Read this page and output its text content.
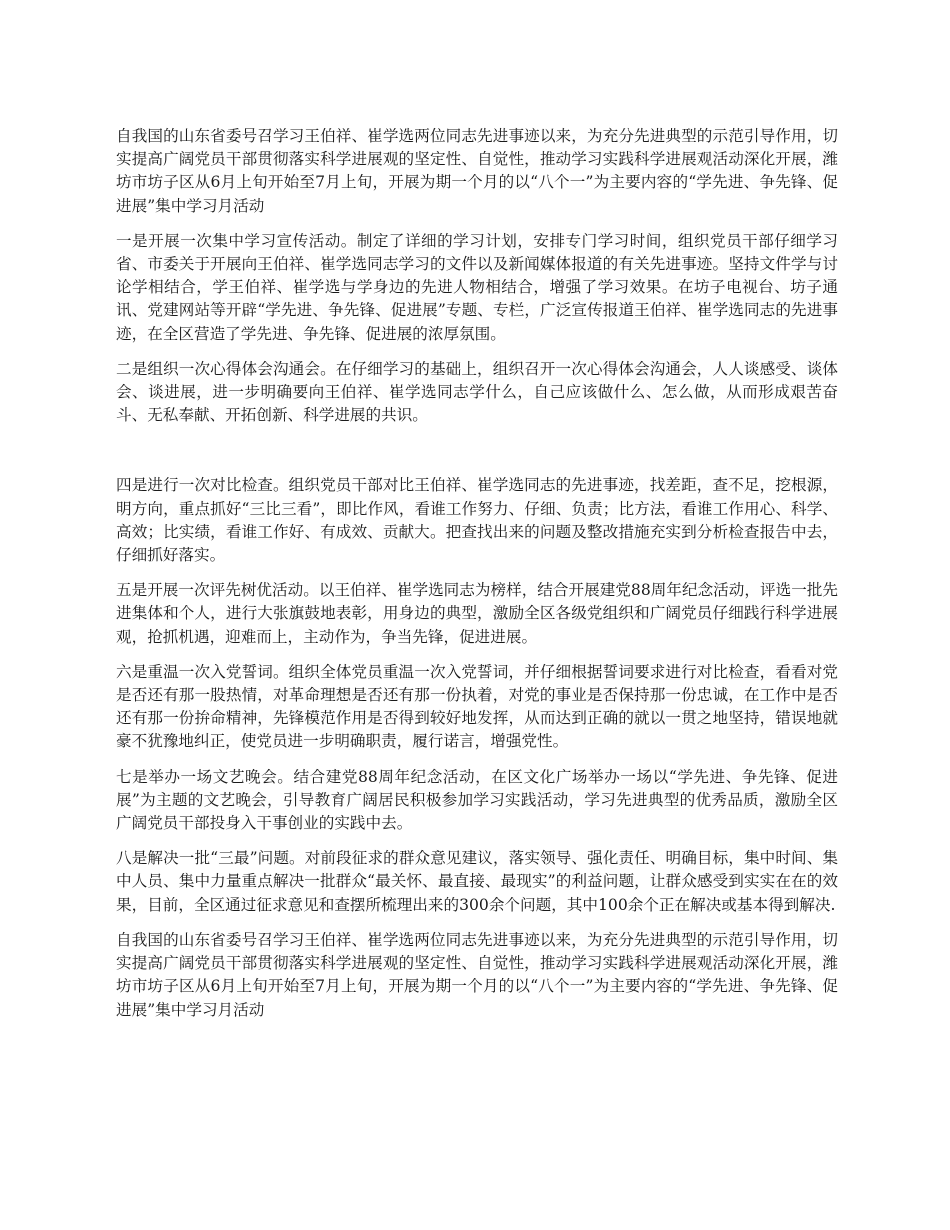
自我国的山东省委号召学习王伯祥、崔学选两位同志先进事迹以来，为充分先进典型的示范引导作用，切实提高广阔党员干部贯彻落实科学进展观的坚定性、自觉性，推动学习实践科学进展观活动深化开展，潍坊市坊子区从6月上旬开始至7月上旬，开展为期一个月的以“八个一”为主要内容的“学先进、争先锋、促进展”集中学习月活动

一是开展一次集中学习宣传活动。制定了详细的学习计划，安排专门学习时间，组织党员干部仔细学习省、市委关于开展向王伯祥、崔学选同志学习的文件以及新闻媒体报道的有关先进事迹。坚持文件学与讨论学相结合，学王伯祥、崔学选与学身边的先进人物相结合，增强了学习效果。在坊子电视台、坊子通讯、党建网站等开辟“学先进、争先锋、促进展”专题、专栏，广泛宣传报道王伯祥、崔学选同志的先进事迹，在全区营造了学先进、争先锋、促进展的浓厚氛围。

二是组织一次心得体会沟通会。在仔细学习的基础上，组织召开一次心得体会沟通会，人人谈感受、谈体会、谈进展，进一步明确要向王伯祥、崔学选同志学什么，自己应该做什么、怎么做，从而形成艰苦奋斗、无私奉献、开拓创新、科学进展的共识。

四是进行一次对比检查。组织党员干部对比王伯祥、崔学选同志的先进事迹，找差距，查不足，挖根源，明方向，重点抓好“三比三看”，即比作风，看谁工作努力、仔细、负责；比方法，看谁工作用心、科学、高效；比实绩，看谁工作好、有成效、贡献大。把查找出来的问题及整改措施充实到分析检查报告中去，仔细抓好落实。

五是开展一次评先树优活动。以王伯祥、崔学选同志为榜样，结合开展建党88周年纪念活动，评选一批先进集体和个人，进行大张旗鼓地表彰，用身边的典型，激励全区各级党组织和广阔党员仔细践行科学进展观，抢抓机遇，迎难而上，主动作为，争当先锋，促进进展。

六是重温一次入党誓词。组织全体党员重温一次入党誓词，并仔细根据誓词要求进行对比检查，看看对党是否还有那一股热情，对革命理想是否还有那一份执着，对党的事业是否保持那一份忠诚，在工作中是否还有那一份拚命精神，先锋模范作用是否得到较好地发挥，从而达到正确的就以一贯之地坚持，错误地就豪不犹豫地纠正，使党员进一步明确职责，履行诺言，增强党性。

七是举办一场文艺晚会。结合建党88周年纪念活动，在区文化广场举办一场以“学先进、争先锋、促进展”为主题的文艺晚会，引导教育广阔居民积极参加学习实践活动，学习先进典型的优秀品质，激励全区广阔党员干部投身入干事创业的实践中去。

八是解决一批“三最”问题。对前段征求的群众意见建议，落实领导、强化责任、明确目标，集中时间、集中人员、集中力量重点解决一批群众“最关怀、最直接、最现实”的利益问题，让群众感受到实实在在的效果，目前，全区通过征求意见和查摆所梳理出来的300余个问题，其中100余个正在解决或基本得到解决.

自我国的山东省委号召学习王伯祥、崔学选两位同志先进事迹以来，为充分先进典型的示范引导作用，切实提高广阔党员干部贯彻落实科学进展观的坚定性、自觉性，推动学习实践科学进展观活动深化开展，潍坊市坊子区从6月上旬开始至7月上旬，开展为期一个月的以“八个一”为主要内容的“学先进、争先锋、促进展”集中学习月活动
